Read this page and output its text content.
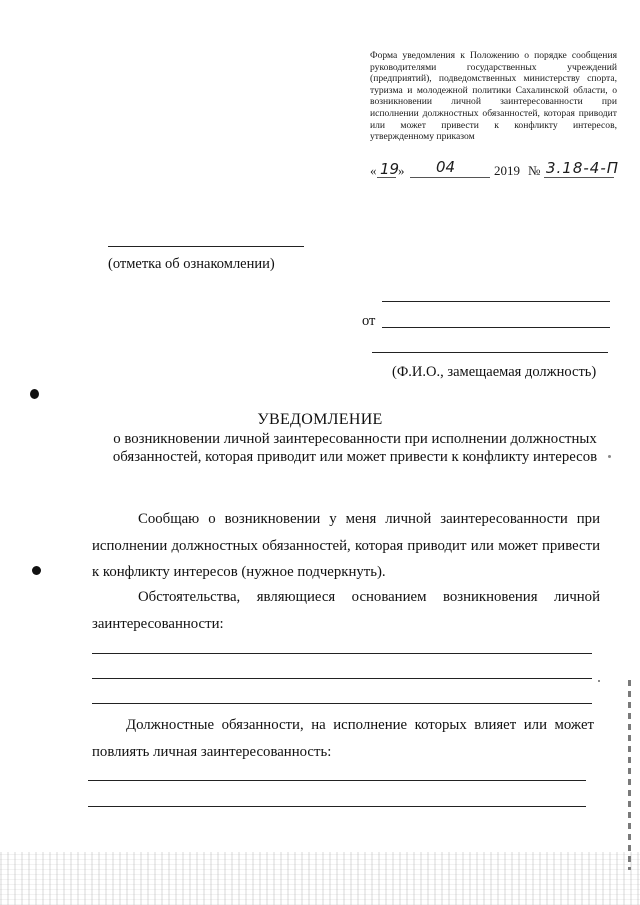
Форма уведомления к Положению о порядке сообщения руководителями государственных учреждений (предприятий), подведомственных министерству спорта, туризма и молодежной политики Сахалинской области, о возникновении личной заинтересованности при исполнении должностных обязанностей, которая приводит или может привести к конфликту интересов, утвержденному приказом
« 19
» 04	2019 № 3.18-4-П
(отметка об ознакомлении)
от
(Ф.И.О., замещаемая должность)
УВЕДОМЛЕНИЕ
о возникновении личной заинтересованности при исполнении должностных обязанностей, которая приводит или может привести к конфликту интересов
Сообщаю о возникновении у меня личной заинтересованности при исполнении должностных обязанностей, которая приводит или может привести к конфликту интересов (нужное подчеркнуть).
Обстоятельства, являющиеся основанием возникновения личной заинтересованности:
Должностные обязанности, на исполнение которых влияет или может повлиять личная заинтересованность:
